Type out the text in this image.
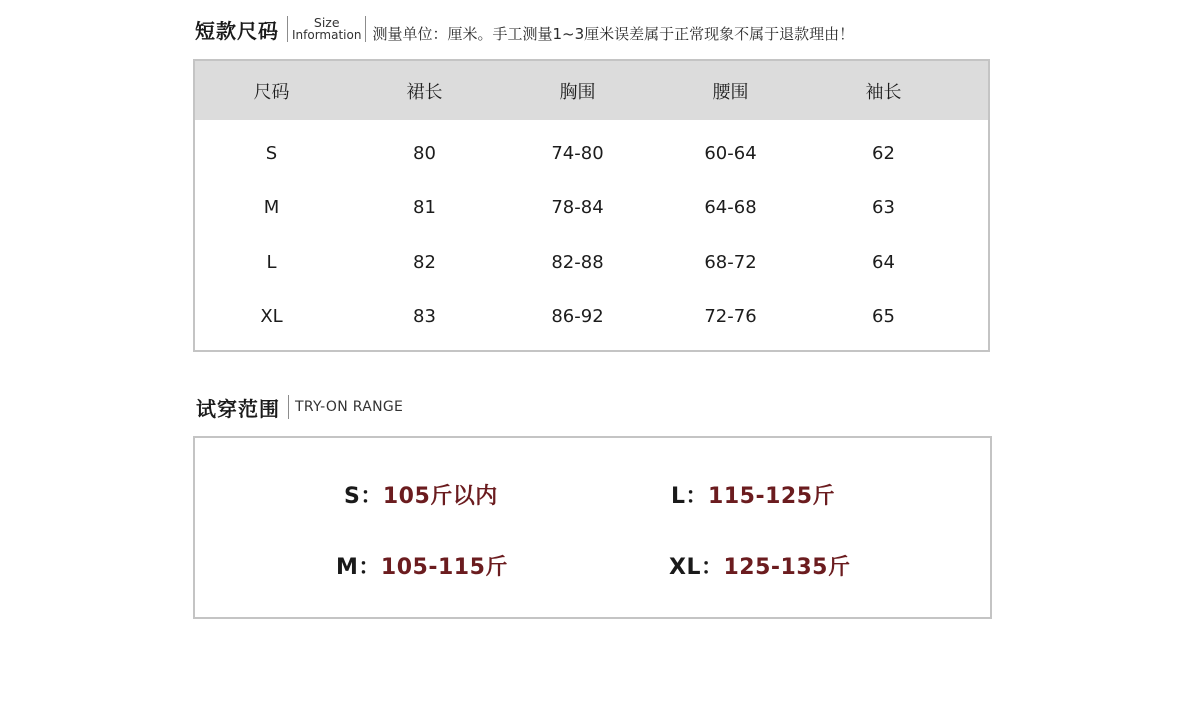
短款尺码	Size
Information 测量单位：厘米。手工测量1~3厘米误差属于正常现象不属于退款理由！
尺码	裙长	胸围	腰围	袖长
S	80	74-80	60-64	62
M	81	78-84	64-68	63
L	82	82-88	68-72	64
XL	83	86-92	72-76	65
试穿范围 TRY-ON RANGE
S：105斤以内	L：115-125斤
M：105-115斤	XL：125-135斤
